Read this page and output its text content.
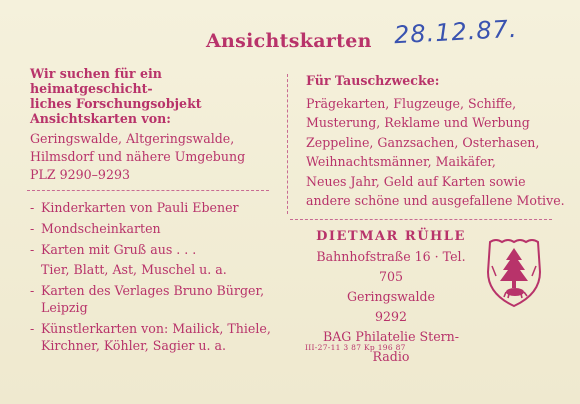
Ansichtskarten 28.12.87.
Wir suchen für ein heimatgeschicht-
liches Forschungsobjekt
Ansichtskarten von:
Geringswalde, Altgeringswalde,
Hilmsdorf und nähere Umgebung
PLZ 9290–9293
Für Tauschzwecke:
Prägekarten, Flugzeuge, Schiffe,
Musterung, Reklame und Werbung
Zeppeline, Ganzsachen, Osterhasen,
Weihnachtsmänner, Maikäfer,
Neues Jahr, Geld auf Karten sowie
andere schöne und ausgefallene Motive.
- Kinderkarten von Pauli Ebener
- Mondscheinkarten
- Karten mit Gruß aus . . .
Tier, Blatt, Ast, Muschel u. a.
- Karten des Verlages Bruno Bürger,
Leipzig
- Künstlerkarten von: Mailick, Thiele,
Kirchner, Köhler, Sagier u. a.
DIETMAR RÜHLE
Bahnhofstraße 16 · Tel. 705
Geringswalde
9292
BAG Philatelie Stern-Radio
III-27-11 3 87 Kp 196 87
